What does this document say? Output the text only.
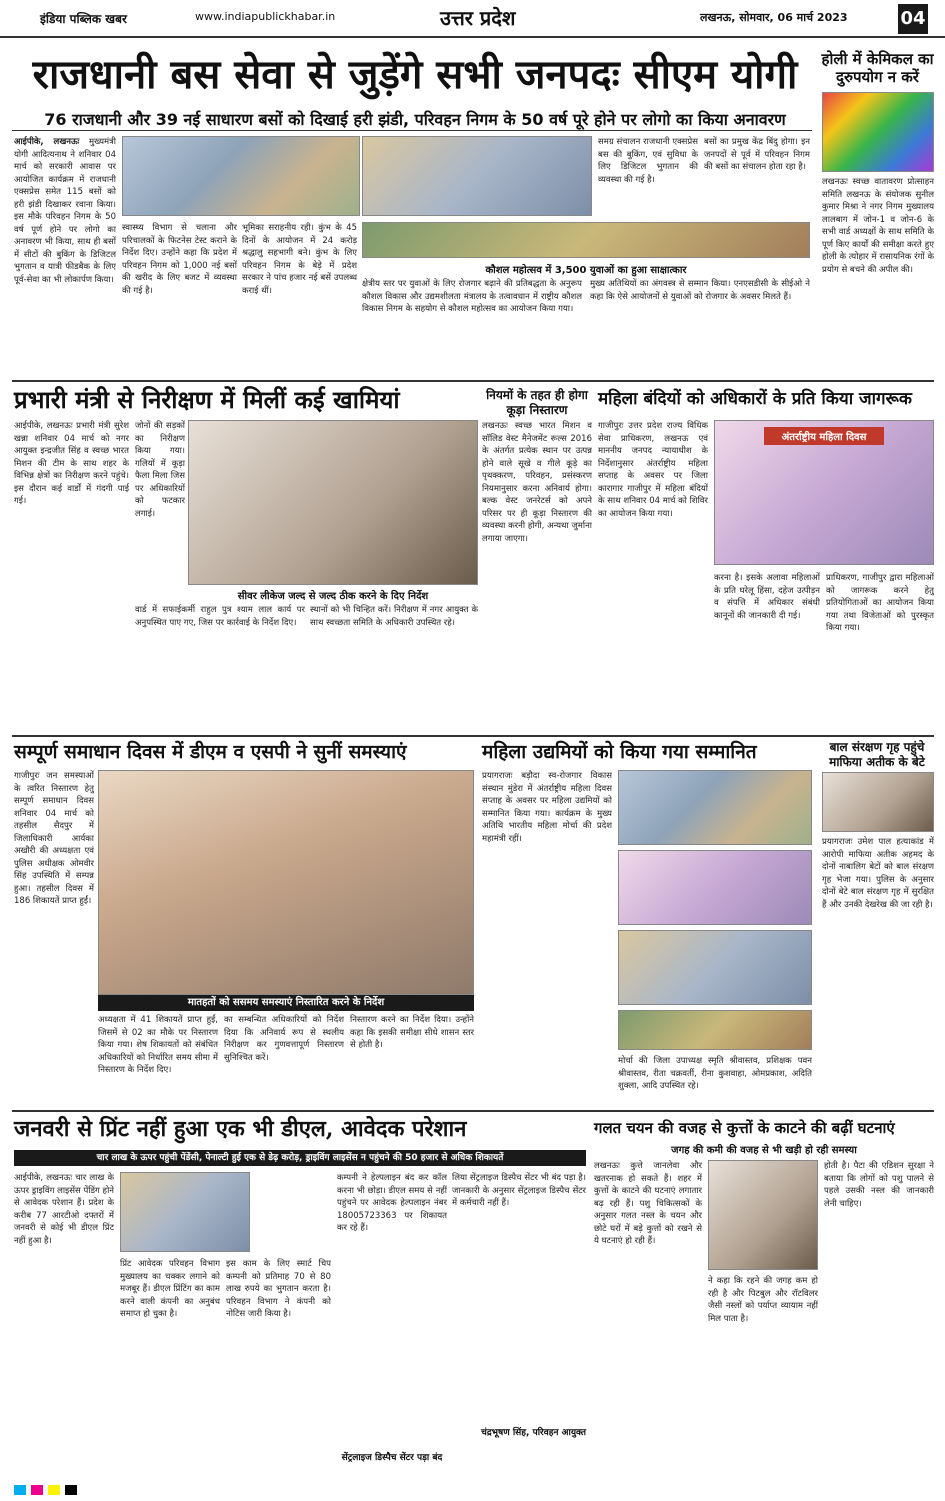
इंडिया पब्लिक खबर	www.indiapublickhabar.in	उत्तर प्रदेश	लखनऊ, सोमवार, 06 मार्च 2023	04
राजधानी बस सेवा से जुड़ेंगे सभी जनपदः सीएम योगी
76 राजधानी और 39 नई साधारण बसों को दिखाई हरी झंडी, परिवहन निगम के 50 वर्ष पूरे होने पर लोगो का किया अनावरण
आईपीके, लखनऊः मुख्यमंत्री योगी आदित्यनाथ ने शनिवार 04 मार्च को सरकारी आवास पर आयोजित कार्यक्रम में राजधानी एक्सप्रेस समेत 115 बसों को हरी झंडी दिखाकर रवाना किया। इस मौके परिवहन निगम के 50 वर्ष पूर्ण होने पर लोगो का अनावरण भी किया, साथ ही बसों में सीटों की बुकिंग के डिजिटल भुगतान व यात्री फीडबैक के लिए पूर्व-सेवा का भी लोकार्पण किया।
स्वास्थ्य विभाग से चलाना और परिचालकों के फिटनेस टेस्ट कराने के निर्देश दिए। उन्होंने कहा कि प्रदेश में परिवहन निगम को 1,000 नई बसों की खरीद के लिए बजट में व्यवस्था की गई है।
भूमिका सराहनीय रही। कुंभ के 45 दिनों के आयोजन में 24 करोड़ श्रद्धालु सहभागी बने। कुंभ के लिए परिवहन निगम के बेड़े में प्रदेश सरकार ने पांच हजार नई बसें उपलब्ध कराई थीं।
समग्र संचालन राजधानी एक्सप्रेस बस की बुकिंग, एवं सुविधा के लिए डिजिटल भुगतान की व्यवस्था की गई है।
बसों का प्रमुख केंद्र बिंदु होगा। इन जनपदों से पूर्व में परिवहन निगम की बसों का संचालन होता रहा है।
कौशल महोत्सव में 3,500 युवाओं का हुआ साक्षात्कार
क्षेत्रीय स्तर पर युवाओं के लिए रोजगार बढ़ाने की प्रतिबद्धता के अनुरूप कौशल विकास और उद्यमशीलता मंत्रालय के तत्वावधान में राष्ट्रीय कौशल विकास निगम के सहयोग से कौशल महोत्सव का आयोजन किया गया।
मुख्य अतिथियों का अंगवस्त्र से सम्मान किया। एनएसडीसी के सीईओ ने कहा कि ऐसे आयोजनों से युवाओं को रोजगार के अवसर मिलते हैं।
होली में केमिकल का दुरुपयोग न करें
लखनऊः स्वच्छ वातावरण प्रोत्साहन समिति लखनऊ के संयोजक सुनील कुमार मिश्रा ने नगर निगम मुख्यालय लालबाग में जोन-1 व जोन-6 के सभी वार्ड अध्यक्षों के साथ समिति के पूर्ण किए कार्यों की समीक्षा करते हुए होली के त्योहार में रासायनिक रंगों के प्रयोग से बचने की अपील की।
प्रभारी मंत्री से निरीक्षण में मिलीं कई खामियां
आईपीके, लखनऊः प्रभारी मंत्री सुरेश खन्ना शनिवार 04 मार्च को नगर आयुक्त इन्द्रजीत सिंह व स्वच्छ भारत मिशन की टीम के साथ शहर के विभिन्न क्षेत्रों का निरीक्षण करने पहुंचे। इस दौरान कई वार्डों में गंदगी पाई गई।
जोनों की सड़कों का निरीक्षण किया गया। गलियों में कूड़ा फैला मिला जिस पर अधिकारियों को फटकार लगाई।
सीवर लीकेज जल्द से जल्द ठीक करने के दिए निर्देश
वार्ड में सफाईकर्मी राहुल पुत्र श्याम लाल कार्य पर अनुपस्थित पाए गए, जिस पर कार्रवाई के निर्देश दिए।
स्थानों को भी चिन्हित करें। निरीक्षण में नगर आयुक्त के साथ स्वच्छता समिति के अधिकारी उपस्थित रहे।
नियमों के तहत ही होगा कूड़ा निस्तारण
लखनऊः स्वच्छ भारत मिशन व सॉलिड वेस्ट मैनेजमेंट रूल्स 2016 के अंतर्गत प्रत्येक स्थान पर उत्पन्न होने वाले सूखे व गीले कूड़े का पृथक्करण, परिवहन, प्रसंस्करण नियमानुसार करना अनिवार्य होगा। बल्क वेस्ट जनरेटर्स को अपने परिसर पर ही कूड़ा निस्तारण की व्यवस्था करनी होगी, अन्यथा जुर्माना लगाया जाएगा।
महिला बंदियों को अधिकारों के प्रति किया जागरूक
गाजीपुरः उत्तर प्रदेश राज्य विधिक सेवा प्राधिकरण, लखनऊ एवं माननीय जनपद न्यायाधीश के निर्देशानुसार अंतर्राष्ट्रीय महिला सप्ताह के अवसर पर जिला कारागार गाजीपुर में महिला बंदियों के साथ शनिवार 04 मार्च को शिविर का आयोजन किया गया।
अंतर्राष्ट्रीय महिला दिवस
करना है। इसके अलावा महिलाओं के प्रति घरेलू हिंसा, दहेज उत्पीड़न व संपत्ति में अधिकार संबंधी कानूनों की जानकारी दी गई।
प्राधिकरण, गाजीपुर द्वारा महिलाओं को जागरूक करने हेतु प्रतियोगिताओं का आयोजन किया गया तथा विजेताओं को पुरस्कृत किया गया।
सम्पूर्ण समाधान दिवस में डीएम व एसपी ने सुनीं समस्याएं
गाजीपुरः जन समस्याओं के त्वरित निस्तारण हेतु सम्पूर्ण समाधान दिवस शनिवार 04 मार्च को तहसील सैदपुर में जिलाधिकारी आर्यका अखौरी की अध्यक्षता एवं पुलिस अधीक्षक ओमवीर सिंह उपस्थिति में सम्पन्न हुआ। तहसील दिवस में 186 शिकायतें प्राप्त हुईं।
मातहतों को ससमय समस्याएं निस्तारित करने के निर्देश
अध्यक्षता में 41 शिकायतें प्राप्त हुईं, जिसमें से 02 का मौके पर निस्तारण किया गया। शेष शिकायतों को संबंधित अधिकारियों को निर्धारित समय सीमा में निस्तारण के निर्देश दिए।
का सम्बन्धित अधिकारियों को निर्देश दिया कि अनिवार्य रूप से स्थलीय निरीक्षण कर गुणवत्तापूर्ण निस्तारण सुनिश्चित करें।
निस्तारण करने का निर्देश दिया। उन्होंने कहा कि इसकी समीक्षा सीधे शासन स्तर से होती है।
महिला उद्यमियों को किया गया सम्मानित
प्रयागराजः बड़ौदा स्व-रोजगार विकास संस्थान मुंडेरा में अंतर्राष्ट्रीय महिला दिवस सप्ताह के अवसर पर महिला उद्यमियों को सम्मानित किया गया। कार्यक्रम के मुख्य अतिथि भारतीय महिला मोर्चा की प्रदेश महामंत्री रहीं।
मोर्चा की जिला उपाध्यक्ष स्मृति श्रीवास्तव, प्रशिक्षक पवन श्रीवास्तव, रीता चक्रवर्ती, रीना कुशवाहा, ओमप्रकाश, अदिति शुक्ला, आदि उपस्थित रहे।
बाल संरक्षण गृह पहुंचे माफिया अतीक के बेटे
प्रयागराजः उमेश पाल हत्याकांड में आरोपी माफिया अतीक अहमद के दोनों नाबालिग बेटों को बाल संरक्षण गृह भेजा गया। पुलिस के अनुसार दोनों बेटे बाल संरक्षण गृह में सुरक्षित हैं और उनकी देखरेख की जा रही है।
जनवरी से प्रिंट नहीं हुआ एक भी डीएल, आवेदक परेशान
चार लाख के ऊपर पहुंची पेंडेंसी, पेनाल्टी हुई एक से डेढ़ करोड़, ड्राइविंग लाइसेंस न पहुंचने की 50 हजार से अधिक शिकायतें
आईपीके, लखनऊः चार लाख के ऊपर ड्राइविंग लाइसेंस पेंडिंग होने से आवेदक परेशान हैं। प्रदेश के करीब 77 आरटीओ दफ्तरों में जनवरी से कोई भी डीएल प्रिंट नहीं हुआ है।
प्रिंट आवेदक परिवहन विभाग मुख्यालय का चक्कर लगाने को मजबूर हैं। डीएल प्रिंटिंग का काम करने वाली कंपनी का अनुबंध समाप्त हो चुका है।
इस काम के लिए स्मार्ट चिप कम्पनी को प्रतिमाह 70 से 80 लाख रुपये का भुगतान करता है। परिवहन विभाग ने कंपनी को नोटिस जारी किया है।
कम्पनी ने हेल्पलाइन बंद कर कॉल करना भी छोड़ा। डीएल समय से नहीं पहुंचने पर आवेदक हेल्पलाइन नंबर 18005723363 पर शिकायत कर रहे हैं।
लिया सेंट्रलाइज डिस्पैच सेंटर भी बंद पड़ा है। जानकारी के अनुसार सेंट्रलाइज डिस्पैच सेंटर में कर्मचारी नहीं हैं।
चंद्रभूषण सिंह, परिवहन आयुक्त
सेंट्रलाइज डिस्पैच सेंटर पड़ा बंद
गलत चयन की वजह से कुत्तों के काटने की बढ़ीं घटनाएं
जगह की कमी की वजह से भी खड़ी हो रही समस्या
लखनऊः कुत्ते जानलेवा और खतरनाक हो सकते हैं। शहर में कुत्तों के काटने की घटनाएं लगातार बढ़ रही हैं। पशु चिकित्सकों के अनुसार गलत नस्ल के चयन और छोटे घरों में बड़े कुत्तों को रखने से ये घटनाएं हो रही हैं।
ने कहा कि रहने की जगह कम हो रही है और पिटबुल और रॉटविलर जैसी नस्लों को पर्याप्त व्यायाम नहीं मिल पाता है।
होती है। पैटा की एडिशन सुरक्षा ने बताया कि लोगों को पशु पालने से पहले उसकी नस्ल की जानकारी लेनी चाहिए।
